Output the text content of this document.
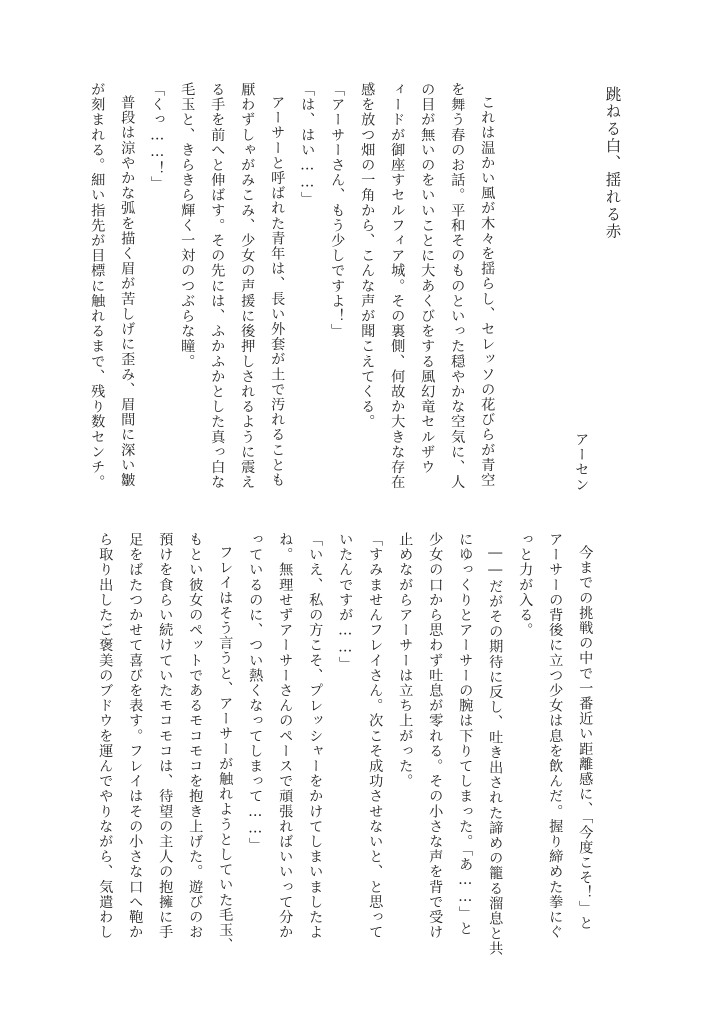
跳ねる白、揺れる赤
アーセン
これは温かい風が木々を揺らし、セレッソの花びらが青空
を舞う春のお話。平和そのものといった穏やかな空気に、人
の目が無いのをいいことに大あくびをする風幻竜セルザウ
ィードが御座すセルフィア城。その裏側、何故か大きな存在
感を放つ畑の一角から、こんな声が聞こえてくる。
「アーサーさん、もう少しですよ！」
「は、はい……」
アーサーと呼ばれた青年は、長い外套が土で汚れることも
厭わずしゃがみこみ、少女の声援に後押しされるように震え
る手を前へと伸ばす。その先には、ふかふかとした真っ白な
毛玉と、きらきら輝く一対のつぶらな瞳。
「くっ……！」
普段は涼やかな弧を描く眉が苦しげに歪み、眉間に深い皺
が刻まれる。細い指先が目標に触れるまで、残り数センチ。
今までの挑戦の中で一番近い距離感に、「今度こそ！」と
アーサーの背後に立つ少女は息を飲んだ。握り締めた拳にぐ
っと力が入る。
――だがその期待に反し、吐き出された諦めの籠る溜息と共
にゆっくりとアーサーの腕は下りてしまった。「あ……」と
少女の口から思わず吐息が零れる。その小さな声を背で受け
止めながらアーサーは立ち上がった。
「すみませんフレイさん。次こそ成功させないと、と思って
いたんですが……」
「いえ、私の方こそ、プレッシャーをかけてしまいましたよ
ね。無理せずアーサーさんのペースで頑張ればいいって分か
っているのに、つい熱くなってしまって……」
フレイはそう言うと、アーサーが触れようとしていた毛玉、
もとい彼女のペットであるモコモコを抱き上げた。遊びのお
預けを食らい続けていたモコモコは、待望の主人の抱擁に手
足をばたつかせて喜びを表す。フレイはその小さな口へ鞄か
ら取り出したご褒美のブドウを運んでやりながら、気遣わし
